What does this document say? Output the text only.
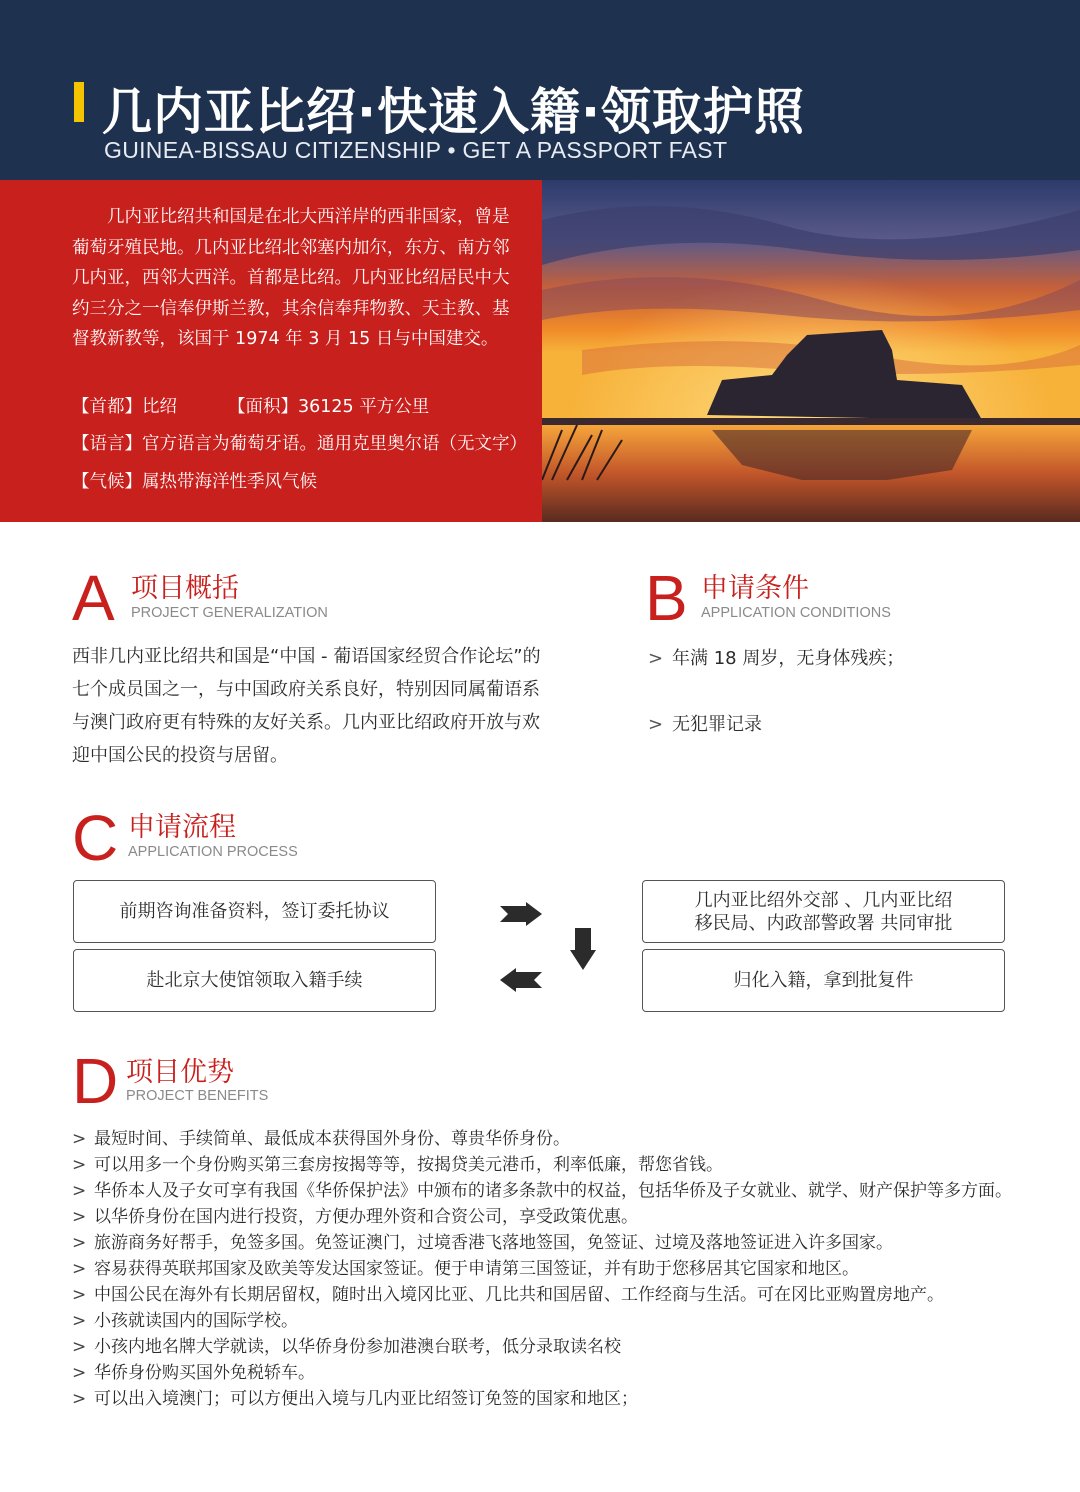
几内亚比绍·快速入籍·领取护照
GUINEA-BISSAU CITIZENSHIP • GET A PASSPORT FAST
几内亚比绍共和国是在北大西洋岸的西非国家，曾是葡萄牙殖民地。几内亚比绍北邻塞内加尔，东方、南方邻几内亚，西邻大西洋。首都是比绍。几内亚比绍居民中大约三分之一信奉伊斯兰教，其余信奉拜物教、天主教、基督教新教等，该国于 1974 年 3 月 15 日与中国建交。
【首都】比绍	【面积】36125 平方公里
【语言】官方语言为葡萄牙语。通用克里奥尔语（无文字）
【气候】属热带海洋性季风气候
A 项目概括
PROJECT GENERALIZATION
西非几内亚比绍共和国是“中国 - 葡语国家经贸合作论坛”的七个成员国之一，与中国政府关系良好，特别因同属葡语系与澳门政府更有特殊的友好关系。几内亚比绍政府开放与欢迎中国公民的投资与居留。
B 申请条件
APPLICATION CONDITIONS
> 年满 18 周岁，无身体残疾；
> 无犯罪记录
C 申请流程
APPLICATION PROCESS
前期咨询准备资料，签订委托协议
几内亚比绍外交部 、几内亚比绍
移民局、内政部警政署 共同审批
归化入籍，拿到批复件
赴北京大使馆领取入籍手续
D 项目优势
PROJECT BENEFITS
> 最短时间、手续简单、最低成本获得国外身份、尊贵华侨身份。
> 可以用多一个身份购买第三套房按揭等等，按揭贷美元港币，利率低廉，帮您省钱。
> 华侨本人及子女可享有我国《华侨保护法》中颁布的诸多条款中的权益，包括华侨及子女就业、就学、财产保护等多方面。
> 以华侨身份在国内进行投资，方便办理外资和合资公司，享受政策优惠。
> 旅游商务好帮手，免签多国。免签证澳门，过境香港飞落地签国，免签证、过境及落地签证进入许多国家。
> 容易获得英联邦国家及欧美等发达国家签证。便于申请第三国签证，并有助于您移居其它国家和地区。
> 中国公民在海外有长期居留权，随时出入境冈比亚、几比共和国居留、工作经商与生活。可在冈比亚购置房地产。
> 小孩就读国内的国际学校。
> 小孩内地名牌大学就读，以华侨身份参加港澳台联考，低分录取读名校
> 华侨身份购买国外免税轿车。
> 可以出入境澳门；可以方便出入境与几内亚比绍签订免签的国家和地区；
